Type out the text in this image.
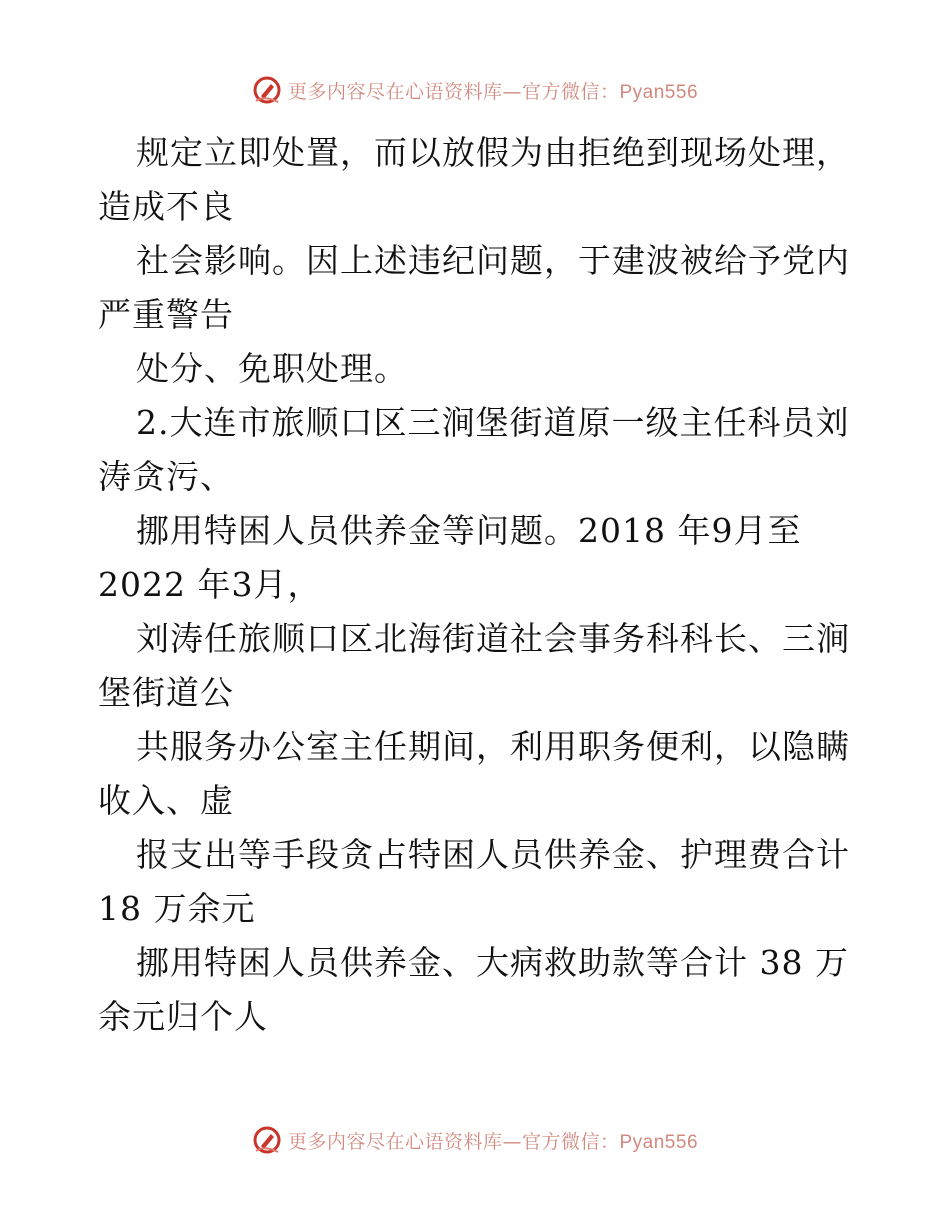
更多内容尽在心语资料库—官方微信：Pyan556
规定立即处置，而以放假为由拒绝到现场处理，
造成不良
社会影响。因上述违纪问题，于建波被给予党内
严重警告
处分、免职处理。
2.大连市旅顺口区三涧堡街道原一级主任科员刘
涛贪污、
挪用特困人员供养金等问题。2018 年9月至
2022 年3月，
刘涛任旅顺口区北海街道社会事务科科长、三涧
堡街道公
共服务办公室主任期间，利用职务便利，以隐瞒
收入、虚
报支出等手段贪占特困人员供养金、护理费合计
18 万余元
挪用特困人员供养金、大病救助款等合计 38 万
余元归个人
更多内容尽在心语资料库—官方微信：Pyan556
